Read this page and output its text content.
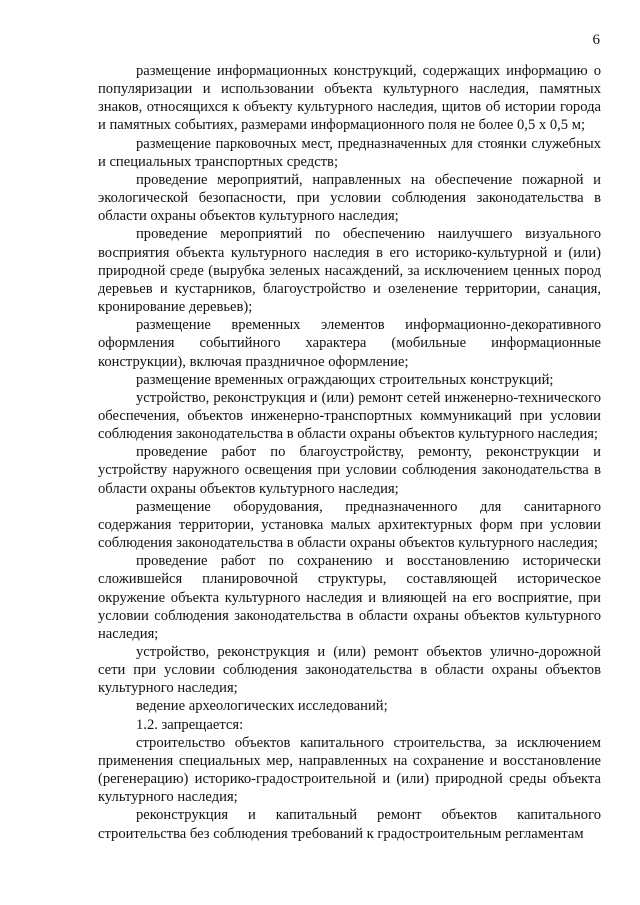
6

размещение информационных конструкций, содержащих информацию о популяризации и использовании объекта культурного наследия, памятных знаков, относящихся к объекту культурного наследия, щитов об истории города и памятных событиях, размерами информационного поля не более 0,5 х 0,5 м;

размещение парковочных мест, предназначенных для стоянки служебных и специальных транспортных средств;

проведение мероприятий, направленных на обеспечение пожарной и экологической безопасности, при условии соблюдения законодательства в области охраны объектов культурного наследия;

проведение мероприятий по обеспечению наилучшего визуального восприятия объекта культурного наследия в его историко-культурной и (или) природной среде (вырубка зеленых насаждений, за исключением ценных пород деревьев и кустарников, благоустройство и озеленение территории, санация, кронирование деревьев);

размещение временных элементов информационно-декоративного оформления событийного характера (мобильные информационные конструкции), включая праздничное оформление;

размещение временных ограждающих строительных конструкций;

устройство, реконструкция и (или) ремонт сетей инженерно-технического обеспечения, объектов инженерно-транспортных коммуникаций при условии соблюдения законодательства в области охраны объектов культурного наследия;

проведение работ по благоустройству, ремонту, реконструкции и устройству наружного освещения при условии соблюдения законодательства в области охраны объектов культурного наследия;

размещение оборудования, предназначенного для санитарного содержания территории, установка малых архитектурных форм при условии соблюдения законодательства в области охраны объектов культурного наследия;

проведение работ по сохранению и восстановлению исторически сложившейся планировочной структуры, составляющей историческое окружение объекта культурного наследия и влияющей на его восприятие, при условии соблюдения законодательства в области охраны объектов культурного наследия;

устройство, реконструкция и (или) ремонт объектов улично-дорожной сети при условии соблюдения законодательства в области охраны объектов культурного наследия;

ведение археологических исследований;

1.2. запрещается:

строительство объектов капитального строительства, за исключением применения специальных мер, направленных на сохранение и восстановление (регенерацию) историко-градостроительной и (или) природной среды объекта культурного наследия;

реконструкция и капитальный ремонт объектов капитального строительства без соблюдения требований к градостроительным регламентам
